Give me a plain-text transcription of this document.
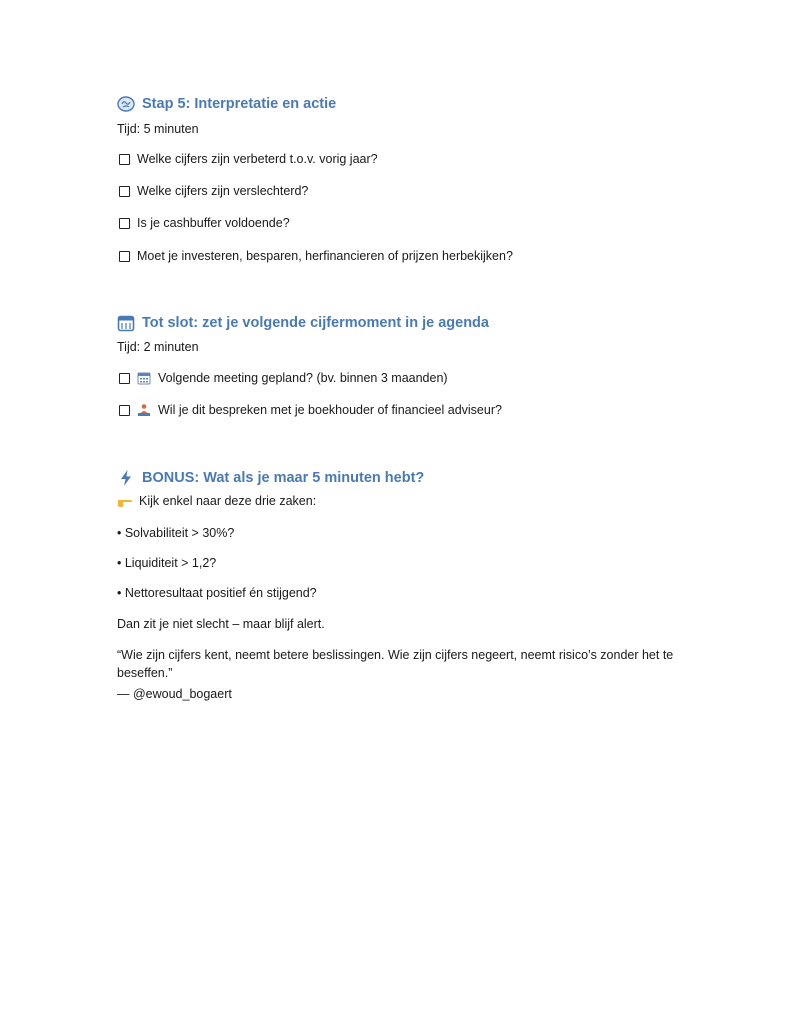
Stap 5: Interpretatie en actie
Tijd: 5 minuten
Welke cijfers zijn verbeterd t.o.v. vorig jaar?
Welke cijfers zijn verslechterd?
Is je cashbuffer voldoende?
Moet je investeren, besparen, herfinancieren of prijzen herbekijken?
Tot slot: zet je volgende cijfermoment in je agenda
Tijd: 2 minuten
Volgende meeting gepland? (bv. binnen 3 maanden)
Wil je dit bespreken met je boekhouder of financieel adviseur?
BONUS: Wat als je maar 5 minuten hebt?
Kijk enkel naar deze drie zaken:
• Solvabiliteit > 30%?
• Liquiditeit > 1,2?
• Nettoresultaat positief én stijgend?
Dan zit je niet slecht – maar blijf alert.
“Wie zijn cijfers kent, neemt betere beslissingen. Wie zijn cijfers negeert, neemt risico’s zonder het te beseffen.”
— @ewoud_bogaert
